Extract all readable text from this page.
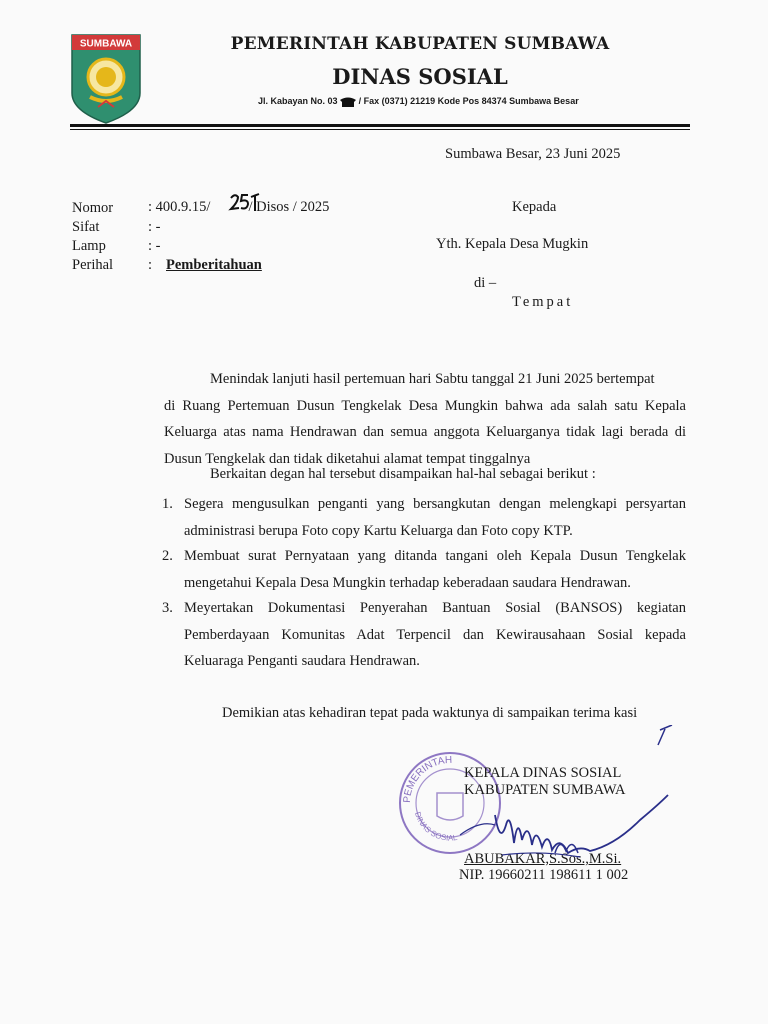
SUMBAWA	PEMERINTAH KABUPATEN SUMBAWA
DINAS SOSIAL
Jl. Kabayan No. 03 / Fax (0371) 21219 Kode Pos 84374 Sumbawa Besar
Sumbawa Besar, 23 Juni 2025
Nomor : 400.9.15/	/ Disos / 2025
Sifat	: -
Lamp	: -
Perihal : Pemberitahuan
Kepada
Yth. Kepala Desa Mugkin
di –
Tempat
Menindak lanjuti hasil pertemuan hari Sabtu tanggal 21 Juni 2025 bertempat
di Ruang Pertemuan Dusun Tengkelak Desa Mungkin bahwa ada salah satu Kepala Keluarga atas nama Hendrawan dan semua anggota Keluarganya tidak lagi berada di Dusun Tengkelak dan tidak diketahui alamat tempat tinggalnya
Berkaitan degan hal tersebut disampaikan hal-hal sebagai berikut :
1. Segera mengusulkan penganti yang bersangkutan dengan melengkapi persyartan administrasi berupa Foto copy Kartu Keluarga dan Foto copy KTP.
2. Membuat surat Pernyataan yang ditanda tangani oleh Kepala Dusun Tengkelak mengetahui Kepala Desa Mungkin terhadap keberadaan saudara Hendrawan.
3. Meyertakan Dokumentasi Penyerahan Bantuan Sosial (BANSOS) kegiatan Pemberdayaan Komunitas Adat Terpencil dan Kewirausahaan Sosial kepada Keluaraga Penganti saudara Hendrawan.
Demikian atas kehadiran tepat pada waktunya di sampaikan terima kasi
PEMERINTAH
DINAS SOSIAL
KEPALA DINAS SOSIAL
KABUPATEN SUMBAWA
ABUBAKAR,S.Sos.,M.Si.
NIP. 19660211 198611 1 002
